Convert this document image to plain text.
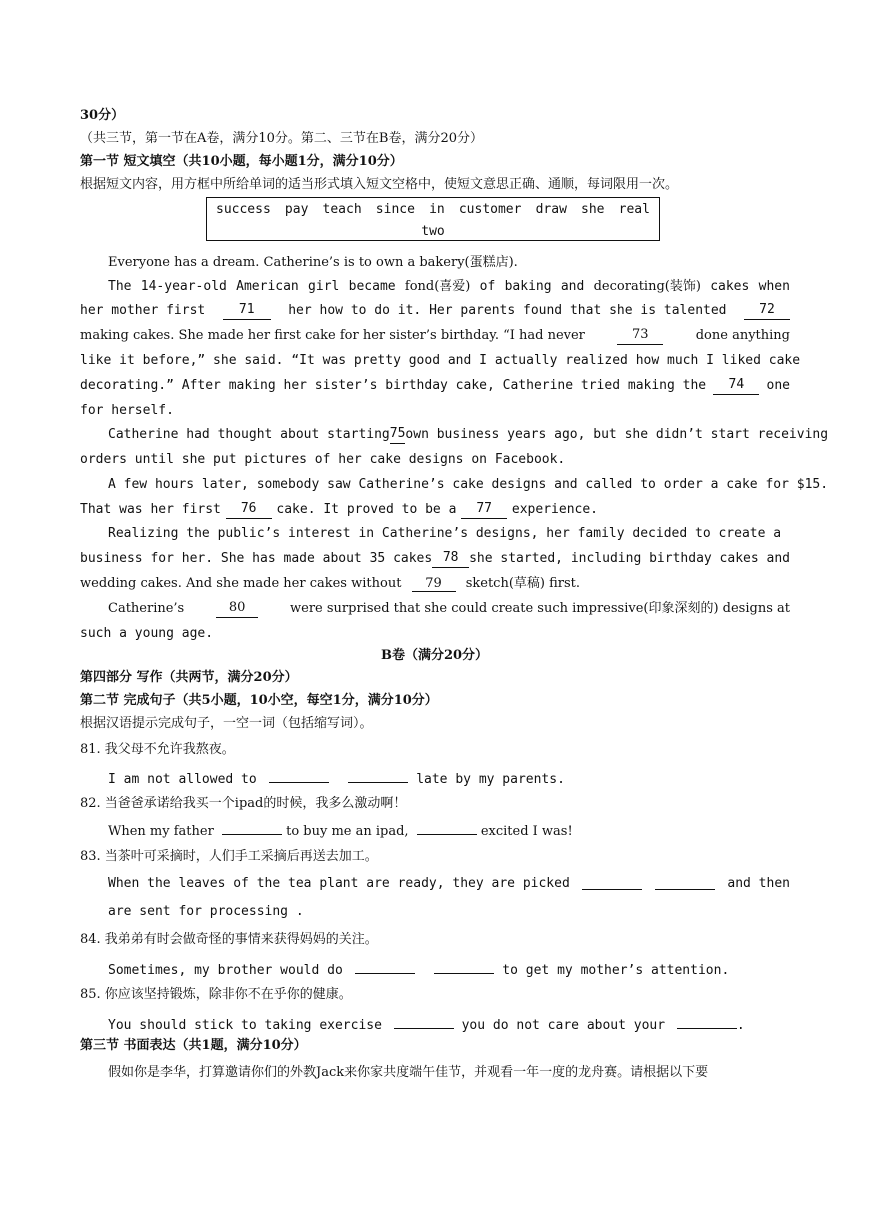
30分）
（共三节，第一节在A卷，满分10分。第二、三节在B卷，满分20分）
第一节 短文填空（共10小题，每小题1分，满分10分）
根据短文内容，用方框中所给单词的适当形式填入短文空格中，使短文意思正确、通顺，每词限用一次。
success pay teach since in customer draw she real
two
Everyone has a dream. Catherine’s is to own a bakery(蛋糕店).
The 14-year-old American girl became fond(喜爱) of baking and decorating(装饰) cakes when
her mother first	71	her how to do it. Her parents found that she is talented	72
making cakes. She made her first cake for her sister’s birthday. “I had never	73	done anything
like it before,” she said. “It was pretty good and I actually realized how much I liked cake
decorating.” After making her sister’s birthday cake, Catherine tried making the	74	one
for herself.
Catherine had thought about starting 75 own business years ago, but she didn’t start receiving
orders until she put pictures of her cake designs on Facebook.
A few hours later, somebody saw Catherine’s cake designs and called to order a cake for $15.
That was her first	76	cake. It proved to be a	77	experience.
Realizing the public’s interest in Catherine’s designs, her family decided to create a
business for her. She has made about 35 cakes 78 she started, including birthday cakes and
wedding cakes. And she made her cakes without 79 sketch(草稿) first.
Catherine’s	80	were surprised that she could create such impressive(印象深刻的) designs at
such a young age.
B卷（满分20分）
第四部分 写作（共两节，满分20分）
第二节 完成句子（共5小题，10小空，每空1分，满分10分）
根据汉语提示完成句子，一空一词（包括缩写词）。
81. 我父母不允许我熬夜。
I am not allowed to	late by my parents.
82. 当爸爸承诺给我买一个ipad的时候，我多么激动啊！
When my father	to buy me an ipad,	excited I was!
83. 当茶叶可采摘时，人们手工采摘后再送去加工。
When the leaves of the tea plant are ready, they are picked	and then
are sent for processing .
84. 我弟弟有时会做奇怪的事情来获得妈妈的关注。
Sometimes, my brother would do	to get my mother’s attention.
85. 你应该坚持锻炼，除非你不在乎你的健康。
You should stick to taking exercise	you do not care about your	.
第三节 书面表达（共1题，满分10分）
假如你是李华，打算邀请你们的外教Jack来你家共度端午佳节，并观看一年一度的龙舟赛。请根据以下要
